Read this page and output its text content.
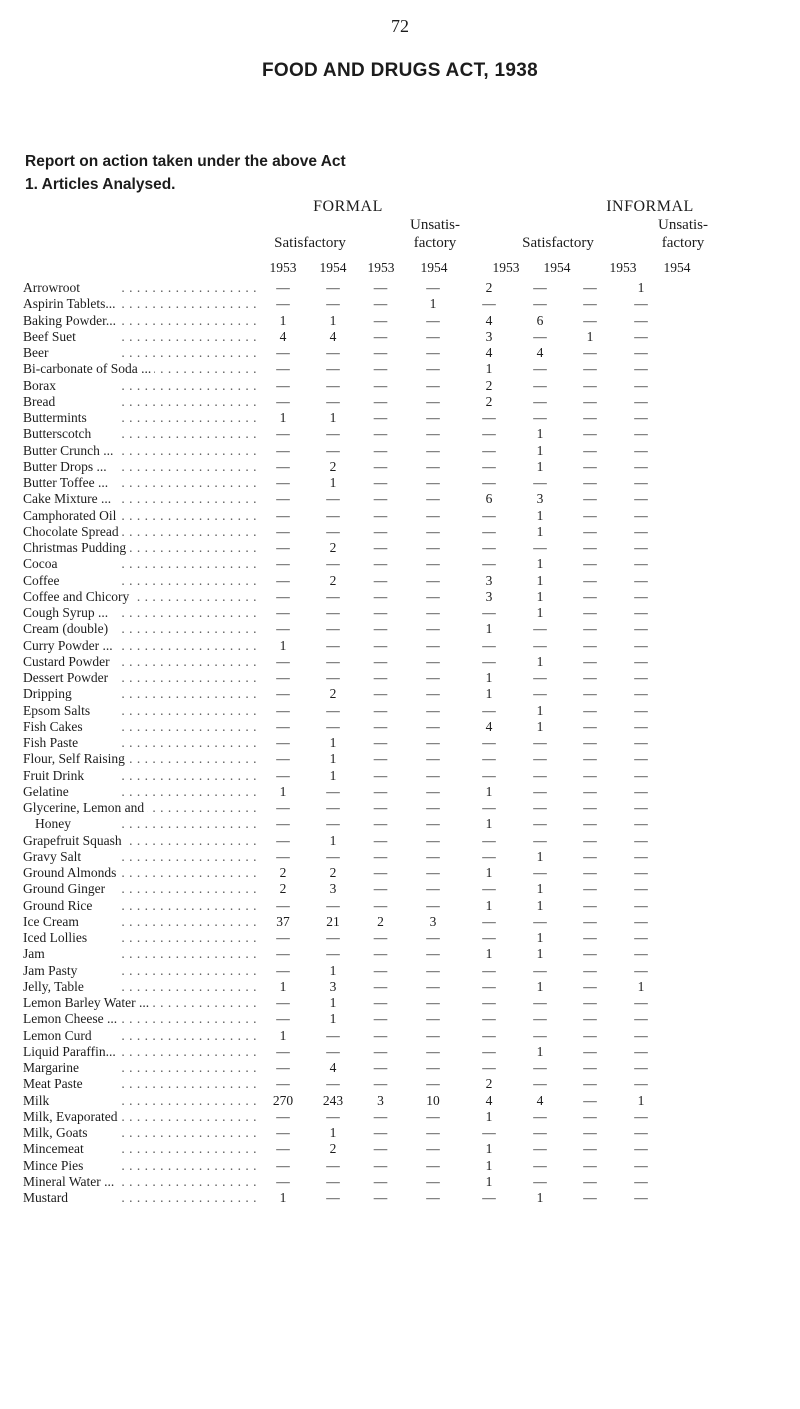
72
FOOD AND DRUGS ACT, 1938
Report on action taken under the above Act
1. Articles Analysed.
FORMAL	INFORMAL
Satisfactory
Unsatis-
factory	Satisfactory
Unsatis-
factory
1953	1954	1953	1954	1953	1954	1953	1954
Arrowroot . . .	—	—	—	—	2	—	—	1
Aspirin Tablets... . . .	—	—	—	1	—	—	—	—
Baking Powder... . . .	1	1	—	—	4	6	—	—
Beef Suet . . .	4	4	—	—	3	—	1	—
Beer . . .	—	—	—	—	4	4	—	—
Bi-carbonate of Soda ... . . .	—	—	—	—	1	—	—	—
Borax . . .	—	—	—	—	2	—	—	—
Bread . . .	—	—	—	—	2	—	—	—
Buttermints . . .	1	1	—	—	—	—	—	—
Butterscotch . . .	—	—	—	—	—	1	—	—
Butter Crunch ... . . .	—	—	—	—	—	1	—	—
Butter Drops ... . . .	—	2	—	—	—	1	—	—
Butter Toffee ... . . .	—	1	—	—	—	—	—	—
Cake Mixture ... . . .	—	—	—	—	6	3	—	—
Camphorated Oil . . .	—	—	—	—	—	1	—	—
Chocolate Spread . . .	—	—	—	—	—	1	—	—
Christmas Pudding . . .	—	2	—	—	—	—	—	—
Cocoa . . .	—	—	—	—	—	1	—	—
Coffee . . .	—	2	—	—	3	1	—	—
Coffee and Chicory . . .	—	—	—	—	3	1	—	—
Cough Syrup ... . . .	—	—	—	—	—	1	—	—
Cream (double) . . .	—	—	—	—	1	—	—	—
Curry Powder ... . . .	1	—	—	—	—	—	—	—
Custard Powder . . .	—	—	—	—	—	1	—	—
Dessert Powder . . .	—	—	—	—	1	—	—	—
Dripping . . .	—	2	—	—	1	—	—	—
Epsom Salts . . .	—	—	—	—	—	1	—	—
Fish Cakes . . .	—	—	—	—	4	1	—	—
Fish Paste . . .	—	1	—	—	—	—	—	—
Flour, Self Raising . . .	—	1	—	—	—	—	—	—
Fruit Drink . . .	—	1	—	—	—	—	—	—
Gelatine . . .	1	—	—	—	1	—	—	—
Glycerine, Lemon and . . .	—	—	—	—	—	—	—	—
Honey . . .	—	—	—	—	1	—	—	—
Grapefruit Squash . . .	—	1	—	—	—	—	—	—
Gravy Salt . . .	—	—	—	—	—	1	—	—
Ground Almonds . . .	2	2	—	—	1	—	—	—
Ground Ginger . . .	2	3	—	—	—	1	—	—
Ground Rice . . .	—	—	—	—	1	1	—	—
Ice Cream . . .	37	21	2	3	—	—	—	—
Iced Lollies . . .	—	—	—	—	—	1	—	—
Jam . . .	—	—	—	—	1	1	—	—
Jam Pasty . . .	—	1	—	—	—	—	—	—
Jelly, Table . . .	1	3	—	—	—	1	—	1
Lemon Barley Water ... . . .	—	1	—	—	—	—	—	—
Lemon Cheese ... . . .	—	1	—	—	—	—	—	—
Lemon Curd . . .	1	—	—	—	—	—	—	—
Liquid Paraffin... . . .	—	—	—	—	—	1	—	—
Margarine . . .	—	4	—	—	—	—	—	—
Meat Paste . . .	—	—	—	—	2	—	—	—
Milk . . .	270	243	3	10	4	4	—	1
Milk, Evaporated . . .	—	—	—	—	1	—	—	—
Milk, Goats . . .	—	1	—	—	—	—	—	—
Mincemeat . . .	—	2	—	—	1	—	—	—
Mince Pies . . .	—	—	—	—	1	—	—	—
Mineral Water ... . . .	—	—	—	—	1	—	—	—
Mustard . . .	1	—	—	—	—	1	—	—
